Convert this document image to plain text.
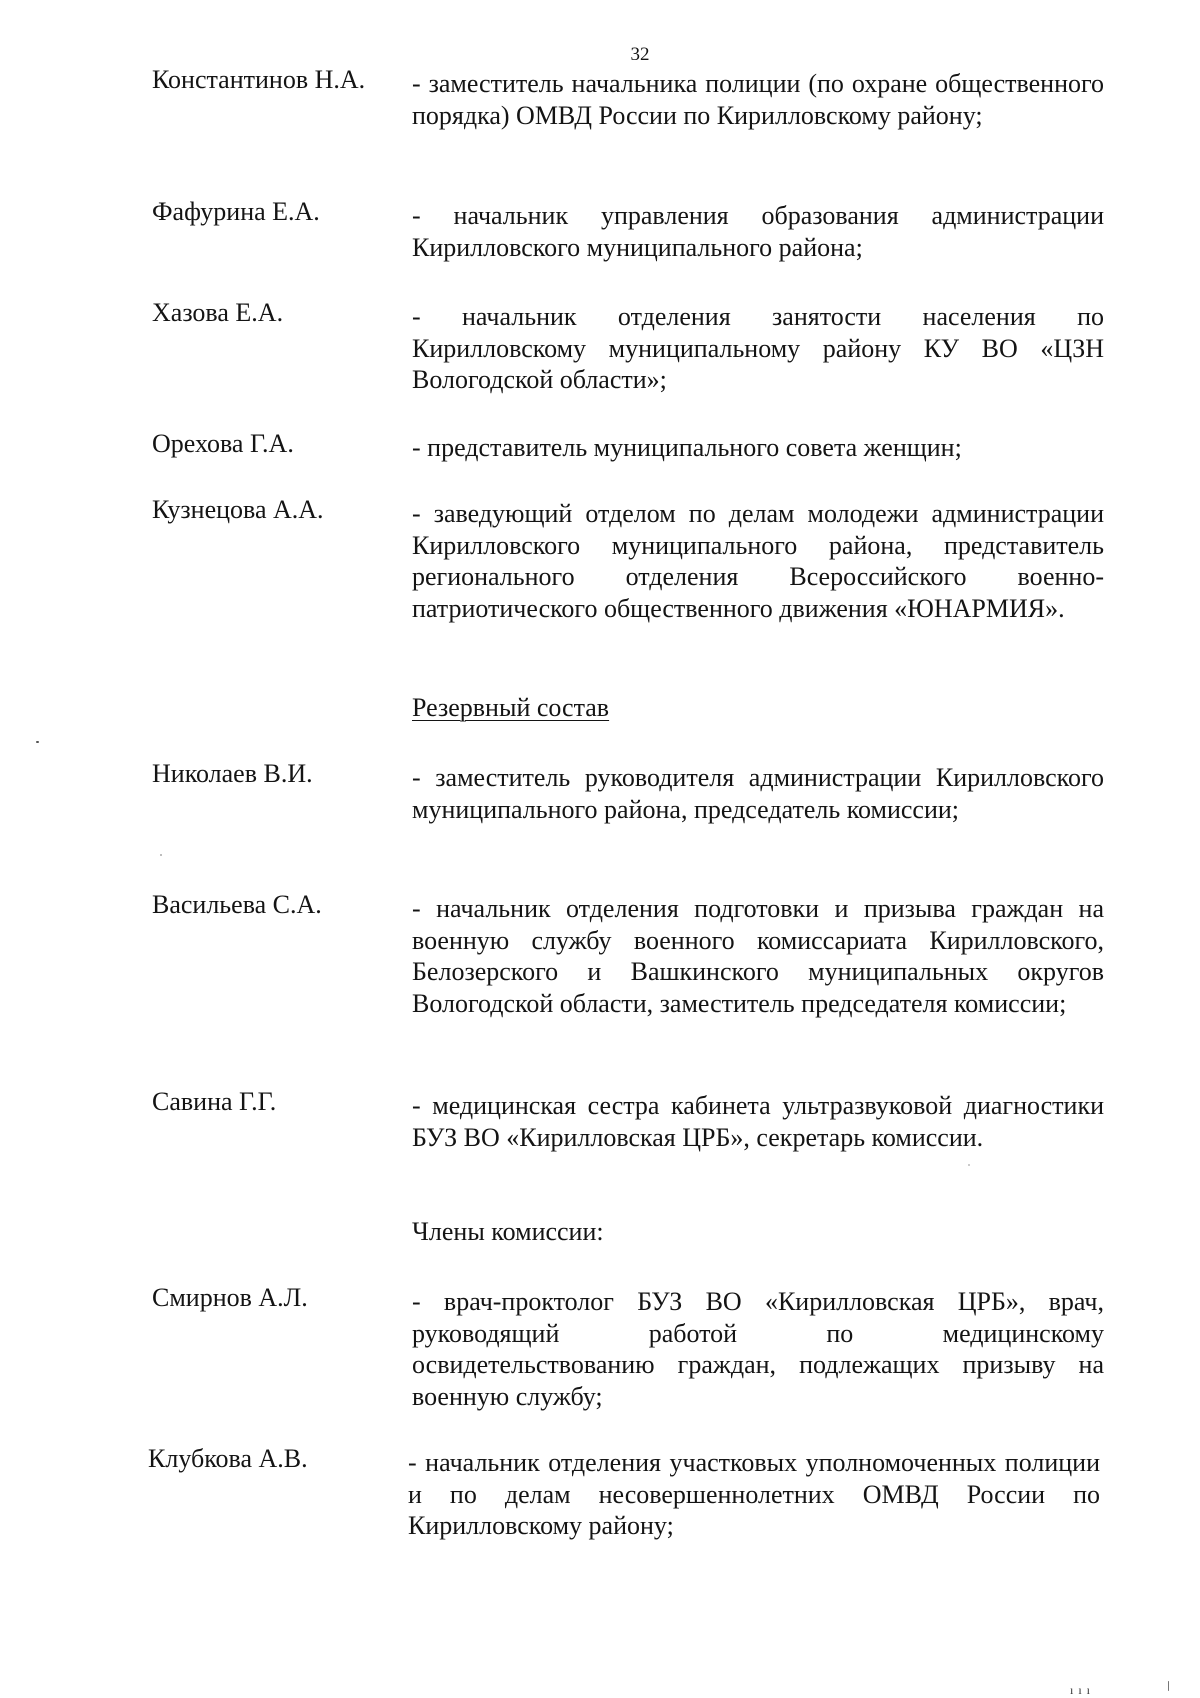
32
Константинов Н.А. - заместитель начальника полиции (по охране общественного порядка) ОМВД России по Кирилловскому району;
Фафурина Е.А.	- начальник управления образования администрации Кирилловского муниципального района;
Хазова Е.А.	- начальник отделения занятости населения по Кирилловскому муниципальному району КУ ВО «ЦЗН Вологодской области»;
Орехова Г.А.	- представитель муниципального совета женщин;
Кузнецова А.А.	- заведующий отделом по делам молодежи администрации Кирилловского муниципального района, представитель регионального отделения Всероссийского военно-патриотического общественного движения «ЮНАРМИЯ».
Резервный состав
Николаев В.И.	- заместитель руководителя администрации Кирилловского муниципального района, председатель комиссии;
Васильева С.А.	- начальник отделения подготовки и призыва граждан на военную службу военного комиссариата Кирилловского, Белозерского и Вашкинского муниципальных округов Вологодской области, заместитель председателя комиссии;
Савина Г.Г.	- медицинская сестра кабинета ультразвуковой диагностики БУЗ ВО «Кирилловская ЦРБ», секретарь комиссии.
Члены комиссии:
Смирнов А.Л.	- врач-проктолог БУЗ ВО «Кирилловская ЦРБ», врач, руководящий работой по медицинскому освидетельствованию граждан, подлежащих призыву на военную службу;
Клубкова А.В.	- начальник отделения участковых уполномоченных полиции и по делам несовершеннолетних ОМВД России по Кирилловскому району;
ı ı ı
